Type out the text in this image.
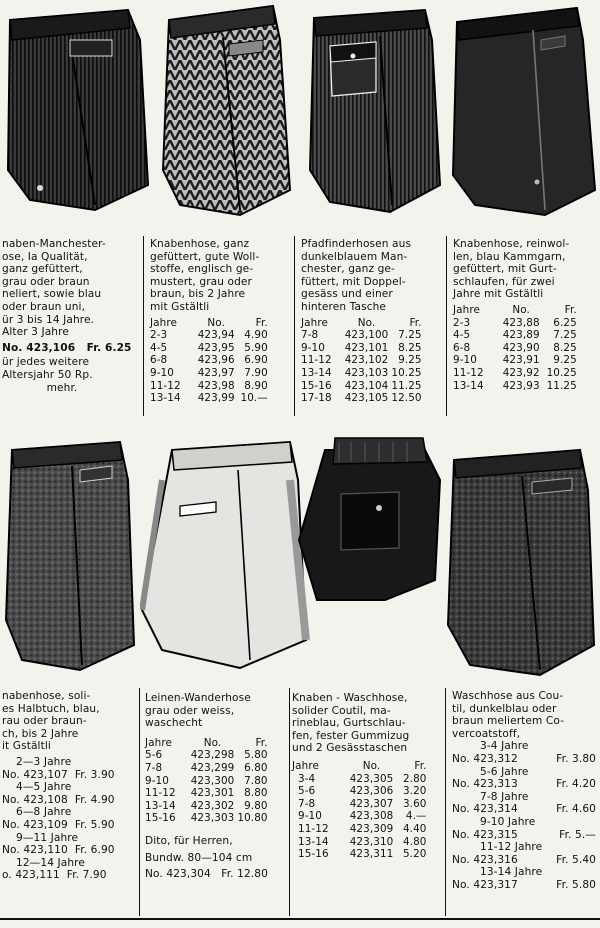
naben-Manchester-
ose, Ia Qualität,
ganz gefüttert,
grau oder braun
neliert, sowie blau
oder braun uni,
ür 3 bis 14 Jahre.
Alter 3 Jahre
No. 423,106 Fr. 6.25
ür jedes weitere
Altersjahr 50 Rp.
mehr.
Knabenhose, ganz
gefüttert, gute Woll-
stoffe, englisch ge-
mustert, grau oder
braun, bis 2 Jahre
mit Gstältli
Jahre	No.	Fr.
2-3	423,94	4.90
4-5	423,95	5.90
6-8	423,96	6.90
9-10	423,97	7.90
11-12	423,98	8.90
13-14	423,99	10.—
Pfadfinderhosen aus
dunkelblauem Man-
chester, ganz ge-
füttert, mit Doppel-
gesäss und einer
hinteren Tasche
Jahre	No.	Fr.
7-8	423,100	7.25
9-10	423,101	8.25
11-12	423,102	9.25
13-14	423,103	10.25
15-16	423,104	11.25
17-18	423,105	12.50
Knabenhose, reinwol-
len, blau Kammgarn,
gefüttert, mit Gurt-
schlaufen, für zwei
Jahre mit Gstältli
Jahre	No.	Fr.
2-3	423,88	6.25
4-5	423,89	7.25
6-8	423,90	8.25
9-10	423,91	9.25
11-12	423,92	10.25
13-14	423,93	11.25
nabenhose, soli-
es Halbtuch, blau,
rau oder braun-
ch, bis 2 Jahre
it Gstältli
2—3 Jahre
No. 423,107 Fr. 3.90
4—5 Jahre
No. 423,108 Fr. 4.90
6—8 Jahre
No. 423,109 Fr. 5.90
9—11 Jahre
No. 423,110 Fr. 6.90
12—14 Jahre
o. 423,111 Fr. 7.90
Leinen-Wanderhose
grau oder weiss,
waschecht
Jahre	No.	Fr.
5-6	423,298	5.80
7-8	423,299	6.80
9-10	423,300	7.80
11-12	423,301	8.80
13-14	423,302	9.80
15-16	423,303	10.80
Dito, für Herren,
Bundw. 80—104 cm
No. 423,304 Fr. 12.80
Knaben - Waschhose,
solider Coutil, ma-
rineblau, Gurtschlau-
fen, fester Gummizug
und 2 Gesässtaschen
Jahre	No.	Fr.
3-4	423,305	2.80
5-6	423,306	3.20
7-8	423,307	3.60
9-10	423,308	4.—
11-12	423,309	4.40
13-14	423,310	4.80
15-16	423,311	5.20
Waschhose aus Cou-
til, dunkelblau oder
braun meliertem Co-
vercoatstoff,
3-4 Jahre
No. 423,312	Fr. 3.80
5-6 Jahre
No. 423,313	Fr. 4.20
7-8 Jahre
No. 423,314	Fr. 4.60
9-10 Jahre
No. 423,315	Fr. 5.—
11-12 Jahre
No. 423,316	Fr. 5.40
13-14 Jahre
No. 423,317	Fr. 5.80
